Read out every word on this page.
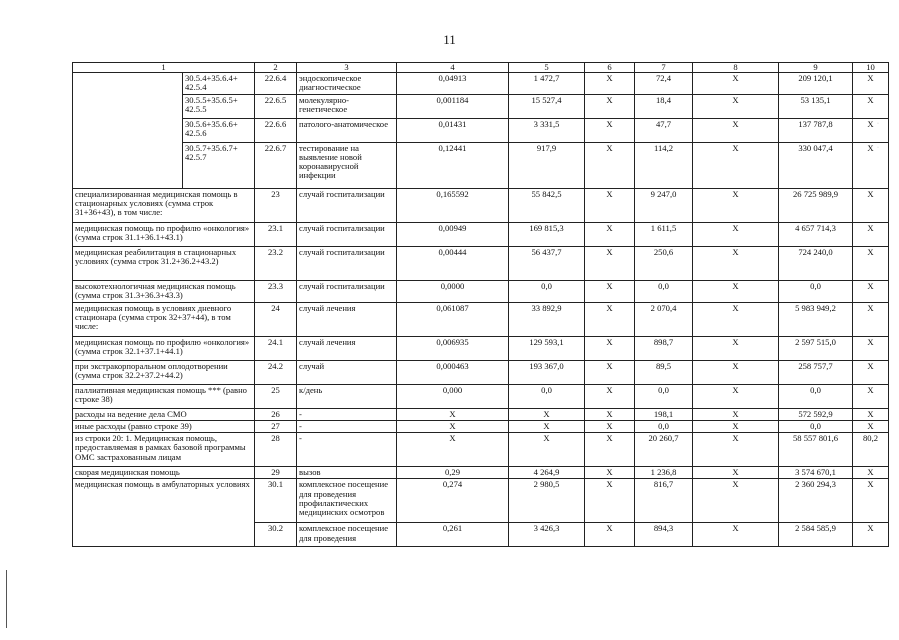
11
·

·
1		2	3	4	5	6	7	8	9	10
	30.5.4+35.6.4+ 42.5.4	22.6.4	эндоскопическое диагностическое	0,04913	1 472,7	Х	72,4	Х	209 120,1	Х
	30.5.5+35.6.5+ 42.5.5	22.6.5	молекулярно-генетическое	0,001184	15 527,4	Х	18,4	Х	53 135,1	Х
	30.5.6+35.6.6+ 42.5.6	22.6.6	патолого-анатомическое	0,01431	3 331,5	Х	47,7	Х	137 787,8	Х
	30.5.7+35.6.7+ 42.5.7	22.6.7	тестирование на выявление новой коронавирусной инфекции	0,12441	917,9	Х	114,2	Х	330 047,4	Х
специализированная медицинская помощь в стационарных условиях (сумма строк 31+36+43), в том числе:		23	случай госпитализации	0,165592	55 842,5	Х	9 247,0	Х	26 725 989,9	Х
медицинская помощь по профилю «онкология» (сумма строк 31.1+36.1+43.1)		23.1	случай госпитализации	0,00949	169 815,3	Х	1 611,5	Х	4 657 714,3	Х
медицинская реабилитация в стационарных условиях (сумма строк 31.2+36.2+43.2)		23.2	случай госпитализации	0,00444	56 437,7	Х	250,6	Х	724 240,0	Х
высокотехнологичная медицинская помощь (сумма строк 31.3+36.3+43.3)		23.3	случай госпитализации	0,0000	0,0	Х	0,0	Х	0,0	Х
медицинская помощь в условиях дневного стационара (сумма строк 32+37+44), в том числе:		24	случай лечения	0,061087	33 892,9	Х	2 070,4	Х	5 983 949,2	Х
медицинская помощь по профилю «онкология» (сумма строк 32.1+37.1+44.1)		24.1	случай лечения	0,006935	129 593,1	Х	898,7	Х	2 597 515,0	Х
при экстракорпоральном оплодотворении (сумма строк 32.2+37.2+44.2)		24.2	случай	0,000463	193 367,0	Х	89,5	Х	258 757,7	Х
паллиативная медицинская помощь *** (равно строке 38)		25	к/день	0,000	0,0	Х	0,0	Х	0,0	Х
расходы на ведение дела СМО		26	-	Х	Х	Х	198,1	Х	572 592,9	Х
иные расходы (равно строке 39)		27	-	Х	Х	Х	0,0	Х	0,0	Х
из строки 20: 1. Медицинская помощь, предоставляемая в рамках базовой программы ОМС застрахованным лицам		28	-	Х	Х	Х	20 260,7	Х	58 557 801,6	80,2
скорая медицинская помощь		29	вызов	0,29	4 264,9	Х	1 236,8	Х	3 574 670,1	Х
медицинская помощь в амбулаторных условиях		30.1	комплексное посещение для проведения профилактических медицинских осмотров	0,274	2 980,5	Х	816,7	Х	2 360 294,3	Х
		30.2	комплексное посещение для проведения	0,261	3 426,3	Х	894,3	Х	2 584 585,9	Х
